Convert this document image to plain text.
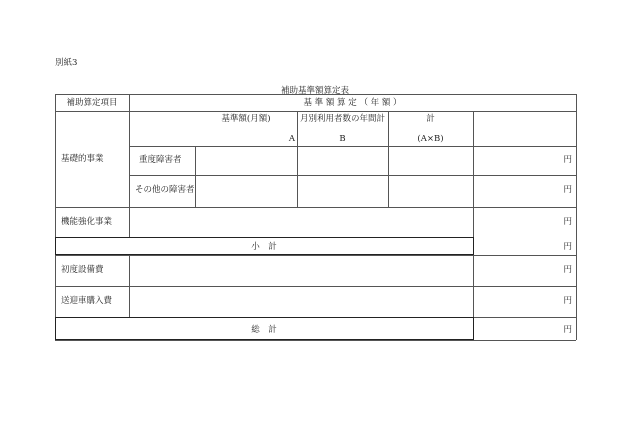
別紙3
補助基準額算定表
補助算定項目	基 準 額 算 定 （ 年 額 ）
基準額(月額)
A
月別利用者数の年間計
B
計
(A×B)
基礎的事業	重度障害者
その他の障害者
機能強化事業
小　計
初度設備費
送迎車購入費
総　計
円
円
円
円
円
円
円
